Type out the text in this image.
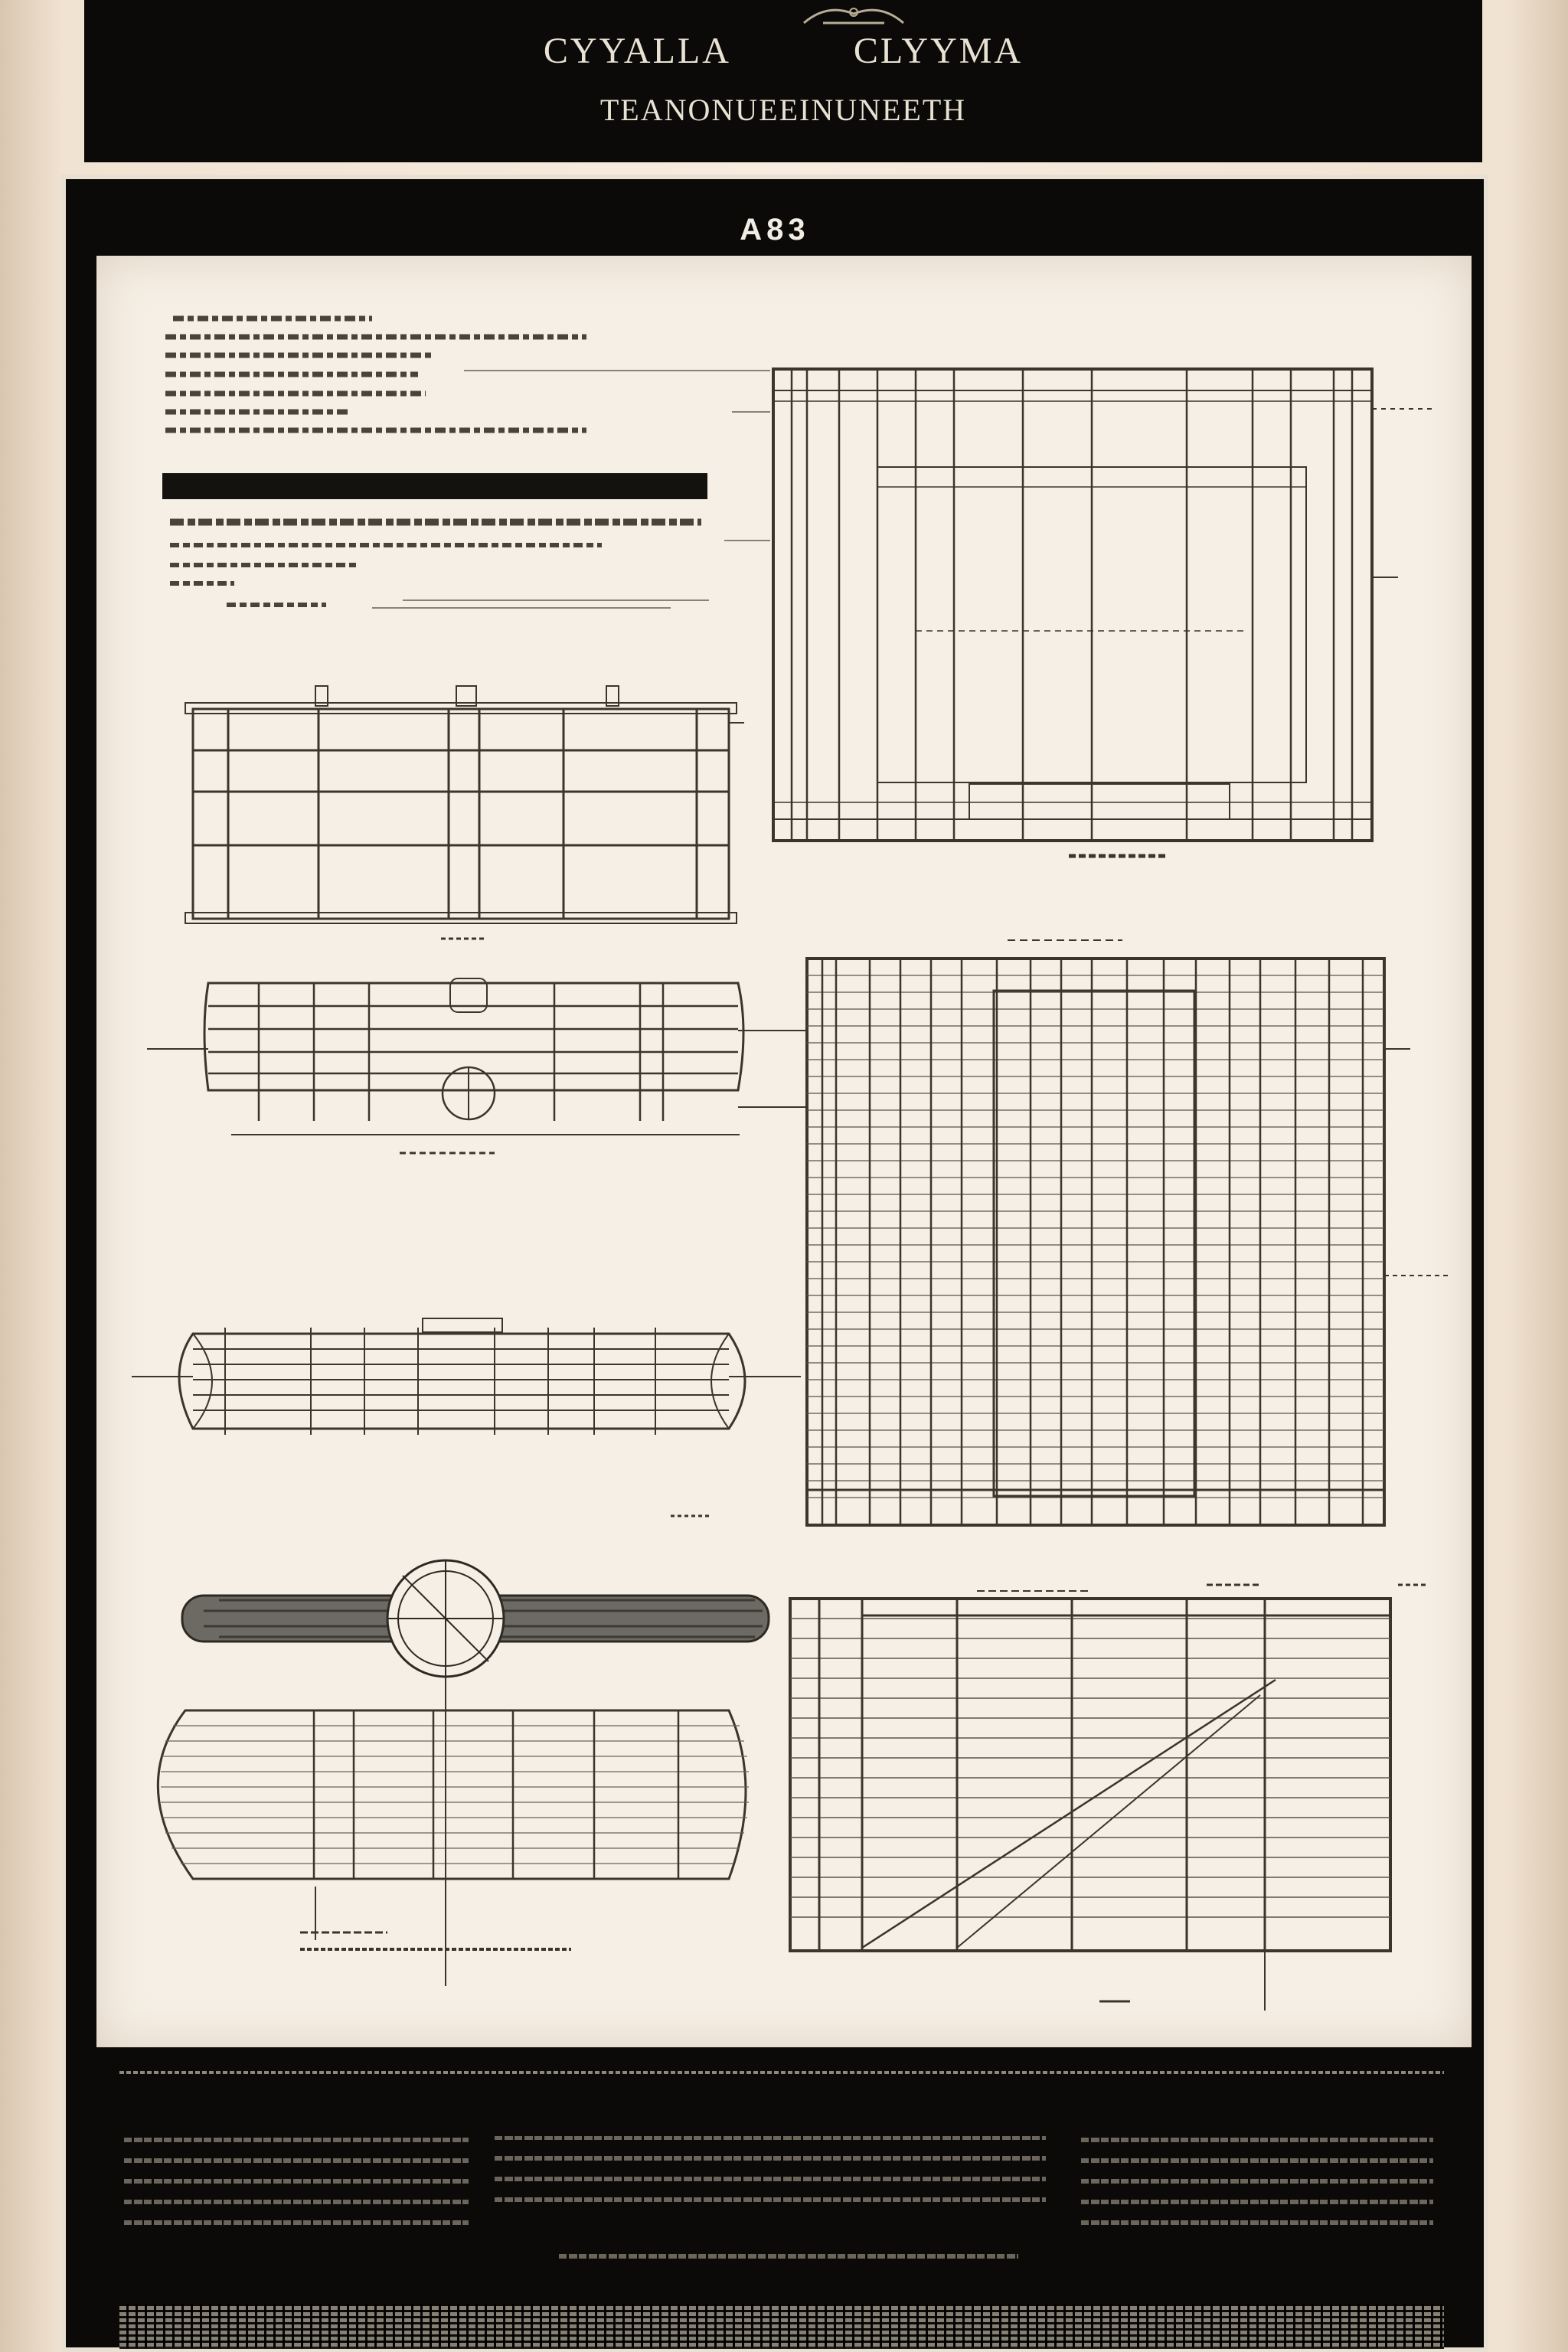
CYYALLA	CLYYMA
TEANONUEEINUNEETH
A83
